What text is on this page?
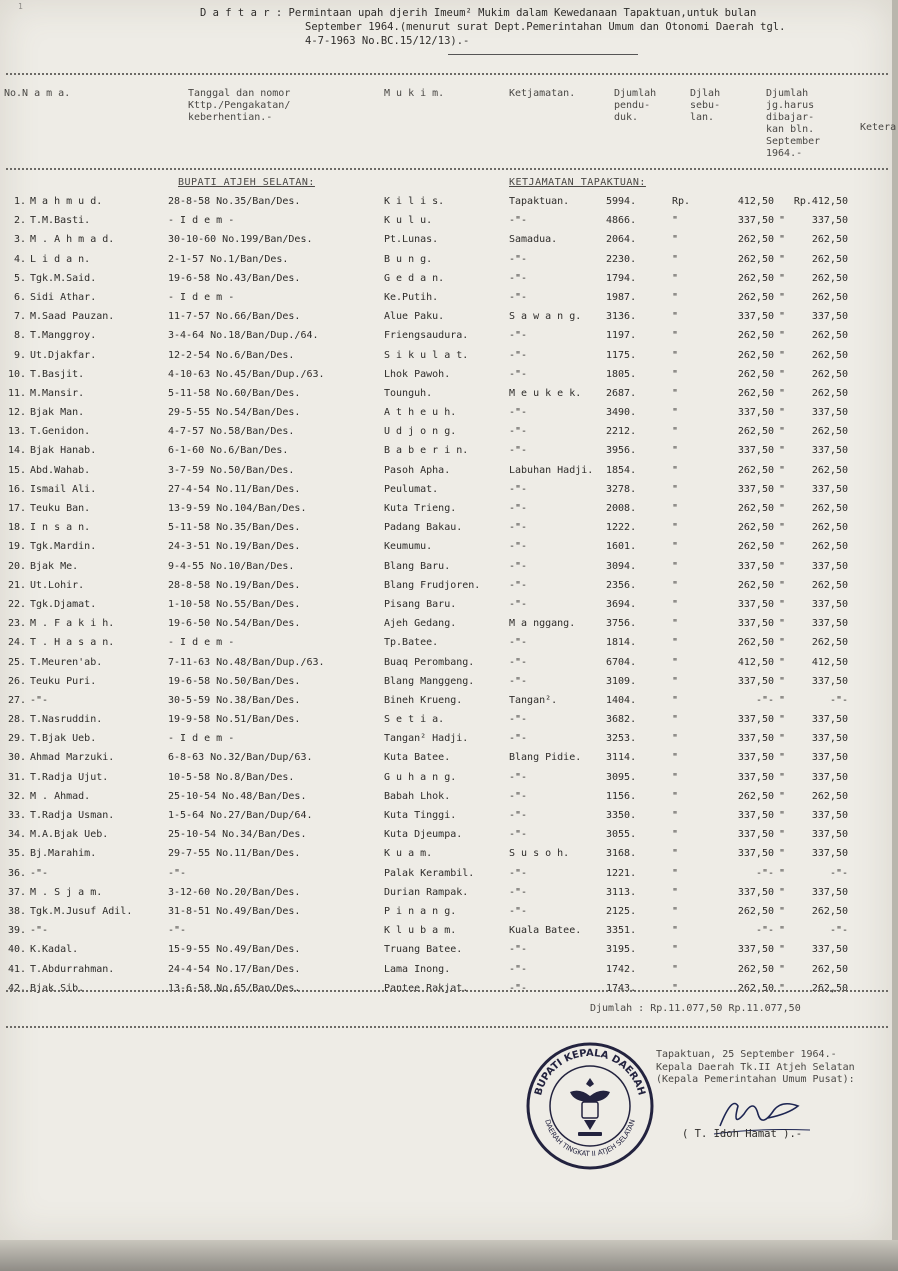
1
D a f t a r : Permintaan upah djerih Imeum² Mukim dalam Kewedanaan Tapaktuan,untuk bulan
September 1964.(menurut surat Dept.Pemerintahan Umum dan Otonomi Daerah tgl.
4-7-1963 No.BC.15/12/13).-
No.N a m a.	Tanggal dan nomor
Kttp./Pengakatan/
keberhentian.-
M u k i m.	Ketjamatan.	Djumlah
pendu-
duk.
Djlah
sebu-
lan.
Djumlah
jg.harus
dibajar-
kan bln.
September
1964.-
Ketera
BUPATI ATJEH SELATAN:	KETJAMATAN TAPAKTUAN:
1. M a h m u d.	28-8-58 No.35/Ban/Des.	K i l i s.	Tapaktuan.	5994.	Rp.	412,50	Rp.412,50
2. T.M.Basti.	- I d e m -	K u l u.	-"-	4866.	"	337,50 "	337,50
3. M . A h m a d.	30-10-60 No.199/Ban/Des.	Pt.Lunas.	Samadua.	2064.	"	262,50 "	262,50
4. L i d a n.	2-1-57 No.1/Ban/Des.	B u n g.	-"-	2230.	"	262,50 "	262,50
5. Tgk.M.Said.	19-6-58 No.43/Ban/Des.	G e d a n.	-"-	1794.	"	262,50 "	262,50
6. Sidi Athar.	- I d e m -	Ke.Putih.	-"-	1987.	"	262,50 "	262,50
7. M.Saad Pauzan.	11-7-57 No.66/Ban/Des.	Alue Paku.	S a w a n g.	3136.	"	337,50 "	337,50
8. T.Manggroy.	3-4-64 No.18/Ban/Dup./64.	Friengsaudura.	-"-	1197.	"	262,50 "	262,50
9. Ut.Djakfar.	12-2-54 No.6/Ban/Des.	S i k u l a t.	-"-	1175.	"	262,50 "	262,50
10. T.Basjit.	4-10-63 No.45/Ban/Dup./63.	Lhok Pawoh.	-"-	1805.	"	262,50 "	262,50
11. M.Mansir.	5-11-58 No.60/Ban/Des.	Tounguh.	M e u k e k.	2687.	"	262,50 "	262,50
12. Bjak Man.	29-5-55 No.54/Ban/Des.	A t h e u h.	-"-	3490.	"	337,50 "	337,50
13. T.Genidon.	4-7-57 No.58/Ban/Des.	U d j o n g.	-"-	2212.	"	262,50 "	262,50
14. Bjak Hanab.	6-1-60 No.6/Ban/Des.	B a b e r i n.	-"-	3956.	"	337,50 "	337,50
15. Abd.Wahab.	3-7-59 No.50/Ban/Des.	Pasoh Apha.	Labuhan Hadji.	1854.	"	262,50 "	262,50
16. Ismail Ali.	27-4-54 No.11/Ban/Des.	Peulumat.	-"-	3278.	"	337,50 "	337,50
17. Teuku Ban.	13-9-59 No.104/Ban/Des.	Kuta Trieng.	-"-	2008.	"	262,50 "	262,50
18. I n s a n.	5-11-58 No.35/Ban/Des.	Padang Bakau.	-"-	1222.	"	262,50 "	262,50
19. Tgk.Mardin.	24-3-51 No.19/Ban/Des.	Keumumu.	-"-	1601.	"	262,50 "	262,50
20. Bjak Me.	9-4-55 No.10/Ban/Des.	Blang Baru.	-"-	3094.	"	337,50 "	337,50
21. Ut.Lohir.	28-8-58 No.19/Ban/Des.	Blang Frudjoren.	-"-	2356.	"	262,50 "	262,50
22. Tgk.Djamat.	1-10-58 No.55/Ban/Des.	Pisang Baru.	-"-	3694.	"	337,50 "	337,50
23. M . F a k i h.	19-6-50 No.54/Ban/Des.	Ajeh Gedang.	M a nggang.	3756.	"	337,50 "	337,50
24. T . H a s a n.	- I d e m -	Tp.Batee.	-"-	1814.	"	262,50 "	262,50
25. T.Meuren'ab.	7-11-63 No.48/Ban/Dup./63.	Buaq Perombang.	-"-	6704.	"	412,50 "	412,50
26. Teuku Puri.	19-6-58 No.50/Ban/Des.	Blang Manggeng.	-"-	3109.	"	337,50 "	337,50
27. -"-	30-5-59 No.38/Ban/Des.	Bineh Krueng.	Tangan².	1404.	"	-"- "	-"-
28. T.Nasruddin.	19-9-58 No.51/Ban/Des.	S e t i a.	-"-	3682.	"	337,50 "	337,50
29. T.Bjak Ueb.	- I d e m -	Tangan² Hadji.	-"-	3253.	"	337,50 "	337,50
30. Ahmad Marzuki.	6-8-63 No.32/Ban/Dup/63.	Kuta Batee.	Blang Pidie.	3114.	"	337,50 "	337,50
31. T.Radja Ujut.	10-5-58 No.8/Ban/Des.	G u h a n g.	-"-	3095.	"	337,50 "	337,50
32. M . Ahmad.	25-10-54 No.48/Ban/Des.	Babah Lhok.	-"-	1156.	"	262,50 "	262,50
33. T.Radja Usman.	1-5-64 No.27/Ban/Dup/64.	Kuta Tinggi.	-"-	3350.	"	337,50 "	337,50
34. M.A.Bjak Ueb.	25-10-54 No.34/Ban/Des.	Kuta Djeumpa.	-"-	3055.	"	337,50 "	337,50
35. Bj.Marahim.	29-7-55 No.11/Ban/Des.	K u a m.	S u s o h.	3168.	"	337,50 "	337,50
36. -"-	-"-	Palak Kerambil.	-"-	1221.	"	-"- "	-"-
37. M . S j a m.	3-12-60 No.20/Ban/Des.	Durian Rampak.	-"-	3113.	"	337,50 "	337,50
38. Tgk.M.Jusuf Adil.	31-8-51 No.49/Ban/Des.	P i n a n g.	-"-	2125.	"	262,50 "	262,50
39. -"-	-"-	K l u b a m.	Kuala Batee.	3351.	"	-"- "	-"-
40. K.Kadal.	15-9-55 No.49/Ban/Des.	Truang Batee.	-"-	3195.	"	337,50 "	337,50
41. T.Abdurrahman.	24-4-54 No.17/Ban/Des.	Lama Inong.	-"-	1742.	"	262,50 "	262,50
42. Bjak Sib.	13-6-58 No.65/Ban/Des.	Pantee Rakjat.	-"-	1743.	"	262,50 "	262,50
Djumlah : Rp.11.077,50 Rp.11.077,50
BUPATI KEPALA DAERAH
DAERAH TINGKAT II ATJEH SELATAN
Tapaktuan, 25 September 1964.-
Kepala Daerah Tk.II Atjeh Selatan
(Kepala Pemerintahan Umum Pusat):
( T. Idoh Hamat ).-
